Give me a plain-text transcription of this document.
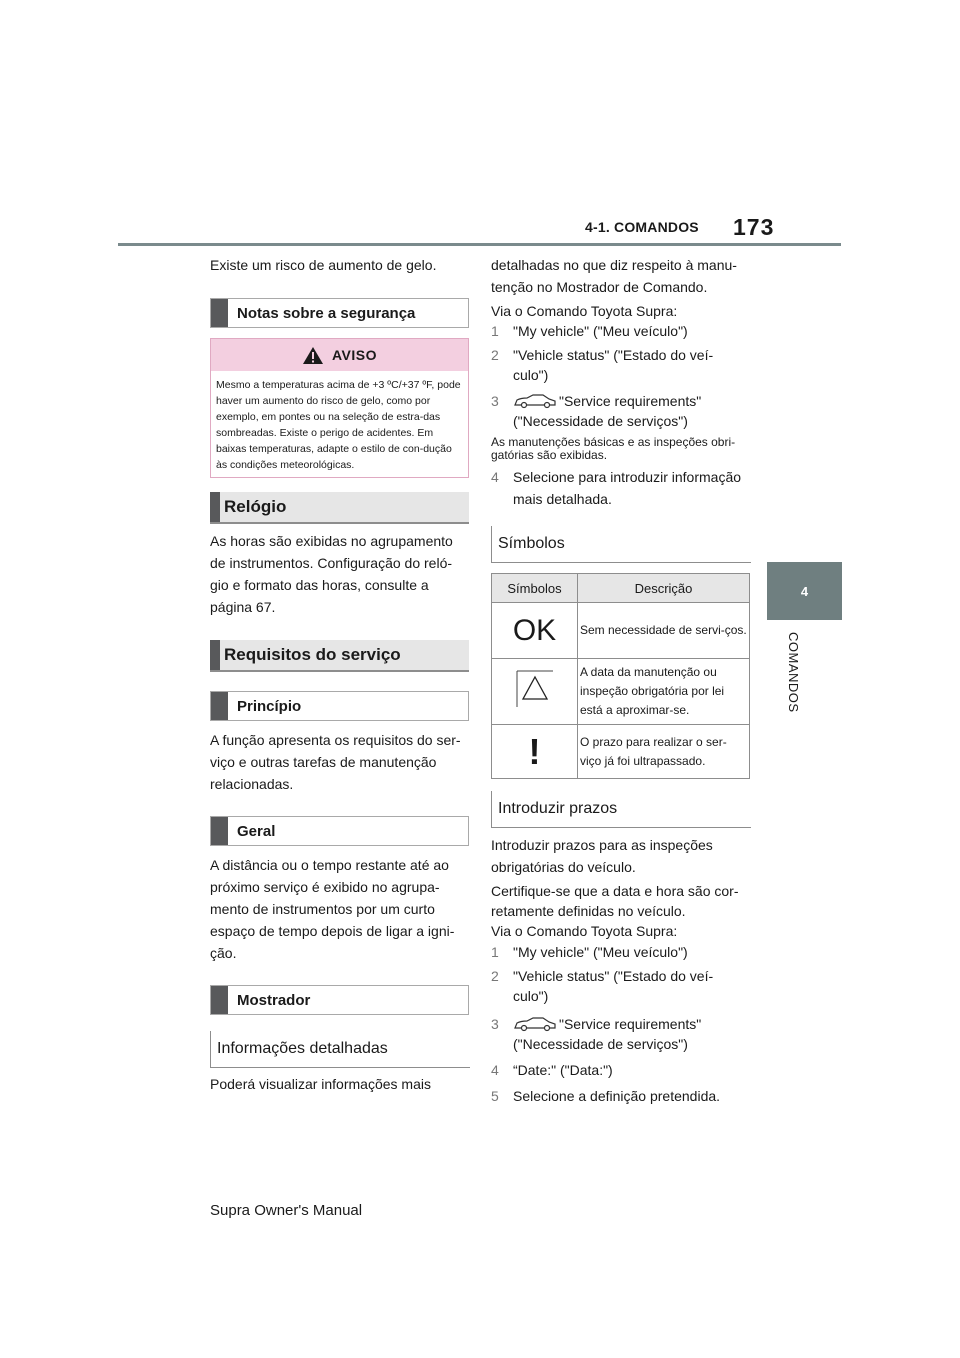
4-1. COMANDOS 173
4
COMANDOS
Existe um risco de aumento de gelo.
Notas sobre a segurança
AVISO
Mesmo a temperaturas acima de +3 ºC/+37 ºF, pode haver um aumento do risco de gelo, como por exemplo, em pontes ou na seleção de estra-das sombreadas. Existe o perigo de acidentes. Em baixas temperaturas, adapte o estilo de con-dução às condições meteorológicas.
Relógio
As horas são exibidas no agrupamento de instrumentos. Configuração do reló-gio e formato das horas, consulte a página 67.
Requisitos do serviço
Princípio
A função apresenta os requisitos do ser-viço e outras tarefas de manutenção relacionadas.
Geral
A distância ou o tempo restante até ao próximo serviço é exibido no agrupa-mento de instrumentos por um curto espaço de tempo depois de ligar a igni-ção.
Mostrador
Informações detalhadas
Poderá visualizar informações mais
detalhadas no que diz respeito à manu-tenção no Mostrador de Comando.
Via o Comando Toyota Supra:
1	"My vehicle" ("Meu veículo")
2	"Vehicle status" ("Estado do veí-culo")
3	"Service requirements" ("Necessidade de serviços")
As manutenções básicas e as inspeções obri-gatórias são exibidas.
4	Selecione para introduzir informação mais detalhada.
Símbolos
Símbolos	Descrição
OK	Sem necessidade de servi-ços.
	A data da manutenção ou inspeção obrigatória por lei está a aproximar-se.
!	O prazo para realizar o ser-viço já foi ultrapassado.
Introduzir prazos
Introduzir prazos para as inspeções obrigatórias do veículo.
Certifique-se que a data e hora são cor-retamente definidas no veículo.
Via o Comando Toyota Supra:
1	"My vehicle" ("Meu veículo")
2	"Vehicle status" ("Estado do veí-culo")
3	"Service requirements" ("Necessidade de serviços")
4	“Date:" ("Data:")
5	Selecione a definição pretendida.
Supra Owner's Manual
